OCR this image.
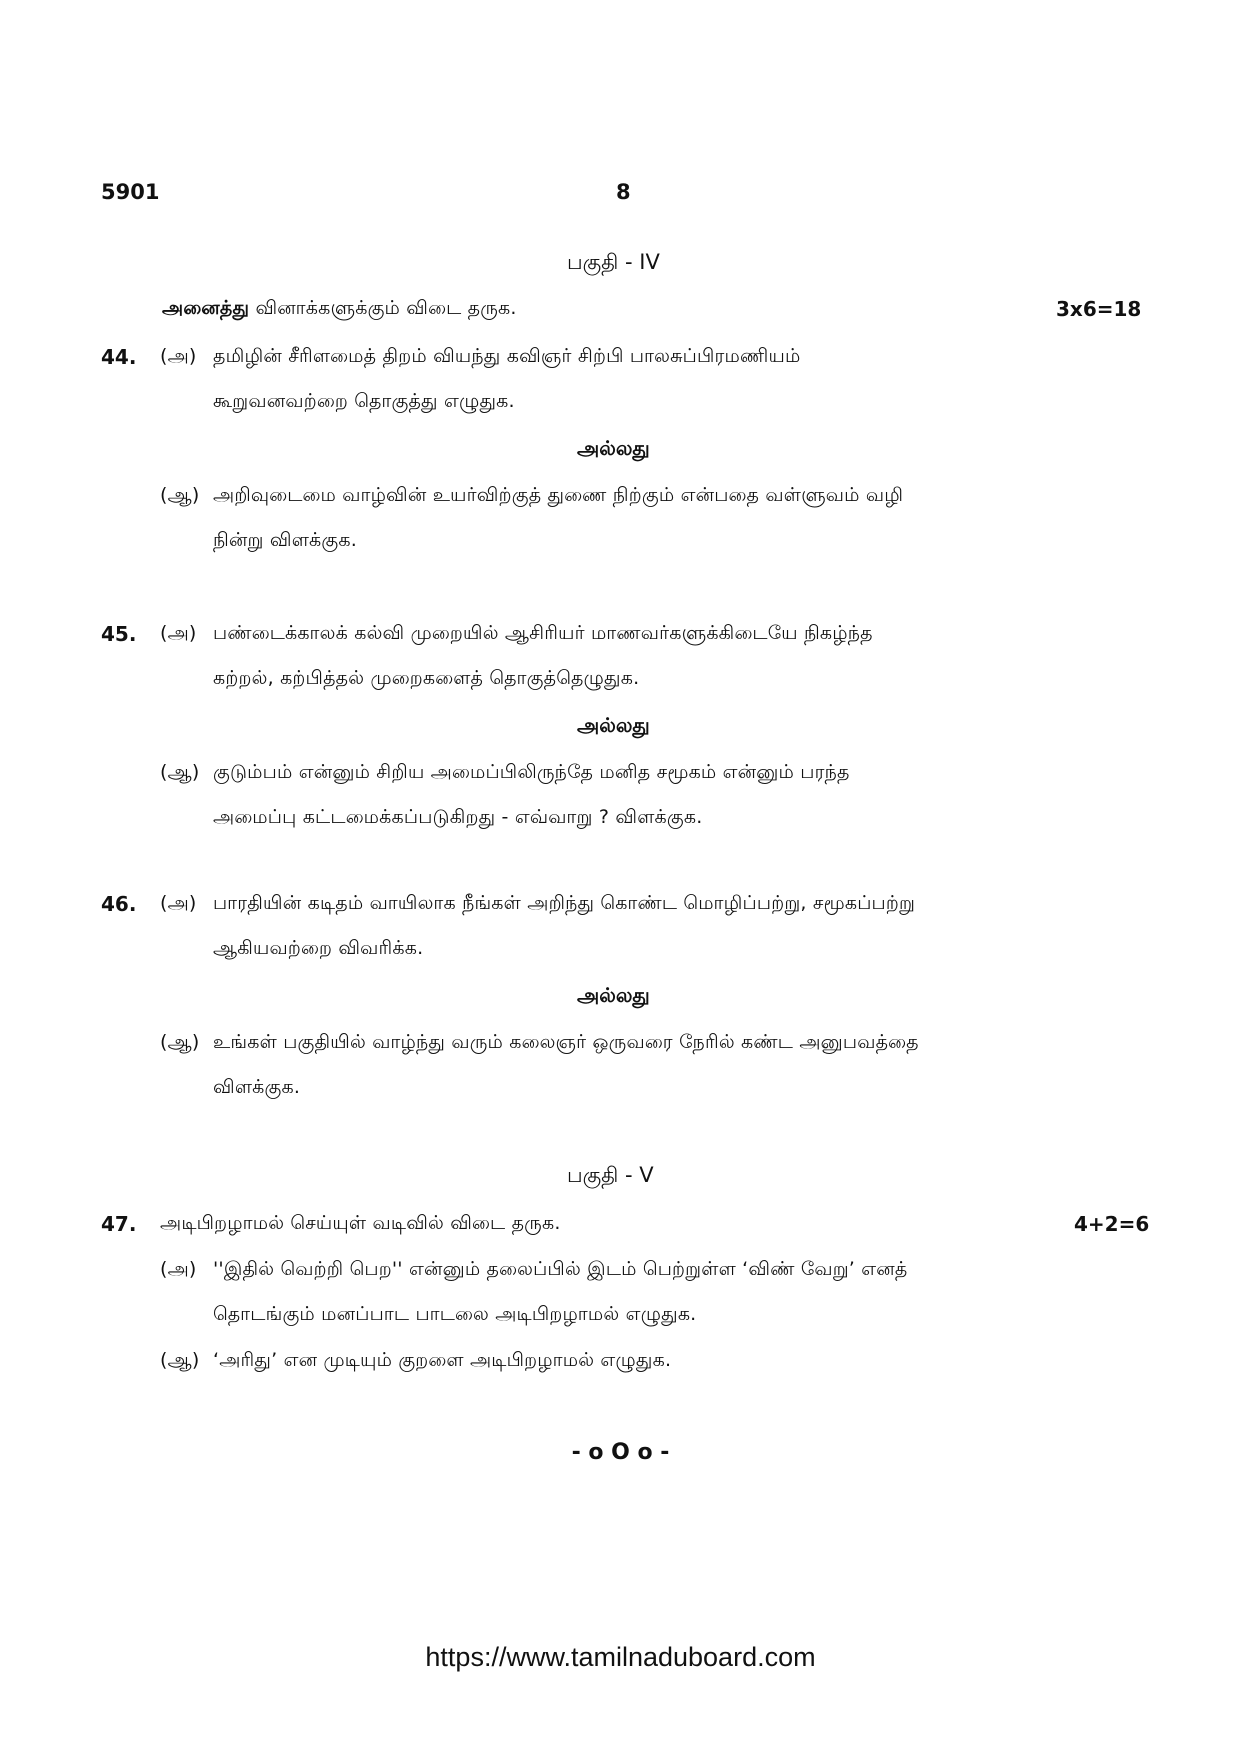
5901	8
பகுதி - IV
அனைத்து வினாக்களுக்கும் விடை தருக.	3x6=18
44. (அ) தமிழின் சீரிளமைத் திறம் வியந்து கவிஞர் சிற்பி பாலசுப்பிரமணியம்
கூறுவனவற்றை தொகுத்து எழுதுக.
அல்லது
(ஆ) அறிவுடைமை வாழ்வின் உயர்விற்குத் துணை நிற்கும் என்பதை வள்ளுவம் வழி
நின்று விளக்குக.
45. (அ) பண்டைக்காலக் கல்வி முறையில் ஆசிரியர் மாணவர்களுக்கிடையே நிகழ்ந்த
கற்றல், கற்பித்தல் முறைகளைத் தொகுத்தெழுதுக.
அல்லது
(ஆ) குடும்பம் என்னும் சிறிய அமைப்பிலிருந்தே மனித சமூகம் என்னும் பரந்த
அமைப்பு கட்டமைக்கப்படுகிறது - எவ்வாறு ? விளக்குக.
46. (அ) பாரதியின் கடிதம் வாயிலாக நீங்கள் அறிந்து கொண்ட மொழிப்பற்று, சமூகப்பற்று
ஆகியவற்றை விவரிக்க.
அல்லது
(ஆ) உங்கள் பகுதியில் வாழ்ந்து வரும் கலைஞர் ஒருவரை நேரில் கண்ட அனுபவத்தை
விளக்குக.
பகுதி - V
47. அடிபிறழாமல் செய்யுள் வடிவில் விடை தருக.	4+2=6
(அ) ''இதில் வெற்றி பெற'' என்னும் தலைப்பில் இடம் பெற்றுள்ள ‘விண் வேறு’ எனத்
தொடங்கும் மனப்பாட பாடலை அடிபிறழாமல் எழுதுக.
(ஆ) ‘அரிது’ என முடியும் குறளை அடிபிறழாமல் எழுதுக.
- o O o -
https://www.tamilnaduboard.com
